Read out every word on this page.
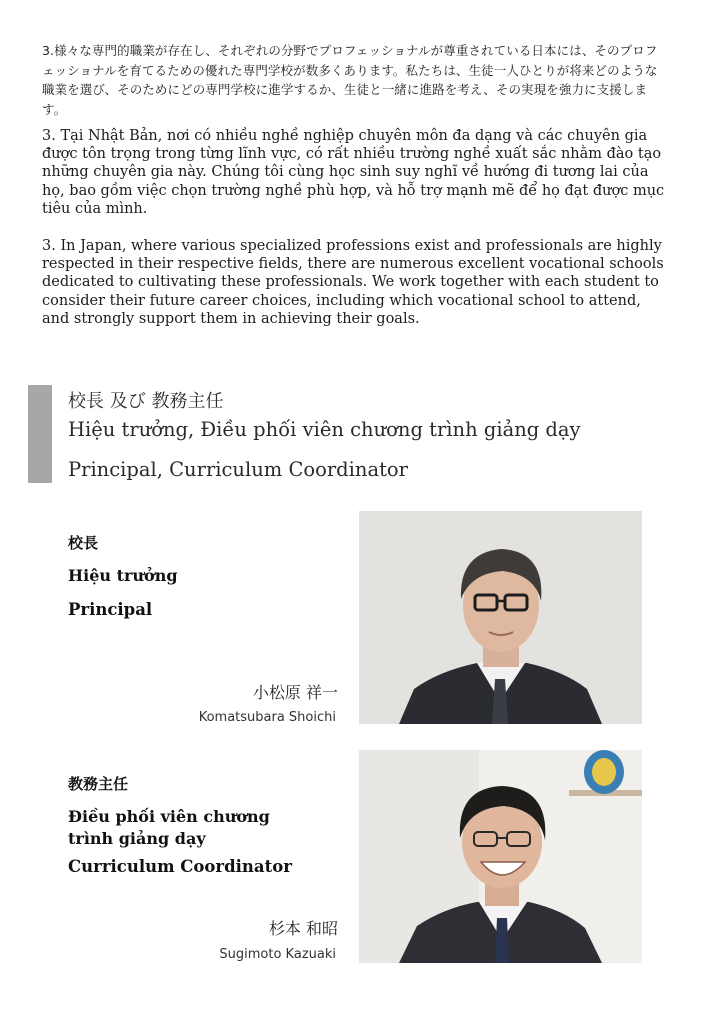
3.様々な専門的職業が存在し、それぞれの分野でプロフェッショナルが尊重されている日本には、そのプロフェッショナルを育てるための優れた専門学校が数多くあります。私たちは、生徒一人ひとりが将来どのような職業を選び、そのためにどの専門学校に進学するか、生徒と一緒に進路を考え、その実現を強力に支援します。

3. Tại Nhật Bản, nơi có nhiều nghề nghiệp chuyên môn đa dạng và các chuyên gia được tôn trọng trong từng lĩnh vực, có rất nhiều trường nghề xuất sắc nhằm đào tạo những chuyên gia này. Chúng tôi cùng học sinh suy nghĩ về hướng đi tương lai của họ, bao gồm việc chọn trường nghề phù hợp, và hỗ trợ mạnh mẽ để họ đạt được mục tiêu của mình.

3. In Japan, where various specialized professions exist and professionals are highly respected in their respective fields, there are numerous excellent vocational schools dedicated to cultivating these professionals. We work together with each student to consider their future career choices, including which vocational school to attend, and strongly support them in achieving their goals.

校長 及び 教務主任
Hiệu trưởng, Điều phối viên chương trình giảng dạy
Principal, Curriculum Coordinator
校長
Hiệu trưởng
Principal
小松原 祥一
Komatsubara Shoichi
教務主任
Điều phối viên chương trình giảng dạy
Curriculum Coordinator
杉本 和昭
Sugimoto Kazuaki
